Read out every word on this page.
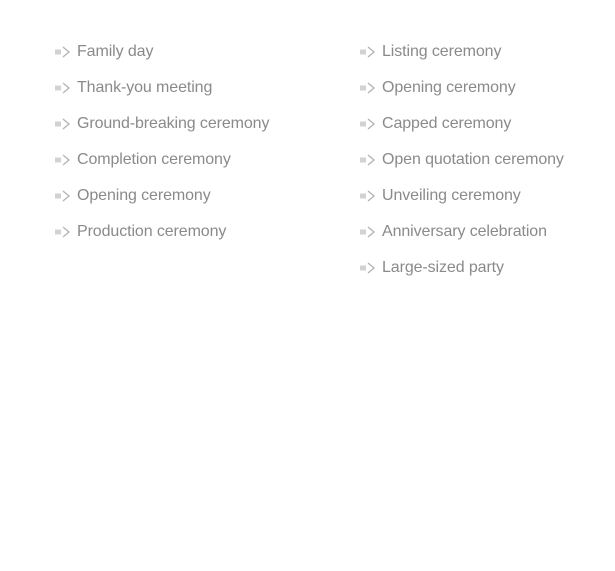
Family day
Thank-you meeting
Ground-breaking ceremony
Completion ceremony
Opening ceremony
Production ceremony
Listing ceremony
Opening ceremony
Capped ceremony
Open quotation ceremony
Unveiling ceremony
Anniversary celebration
Large-sized party
